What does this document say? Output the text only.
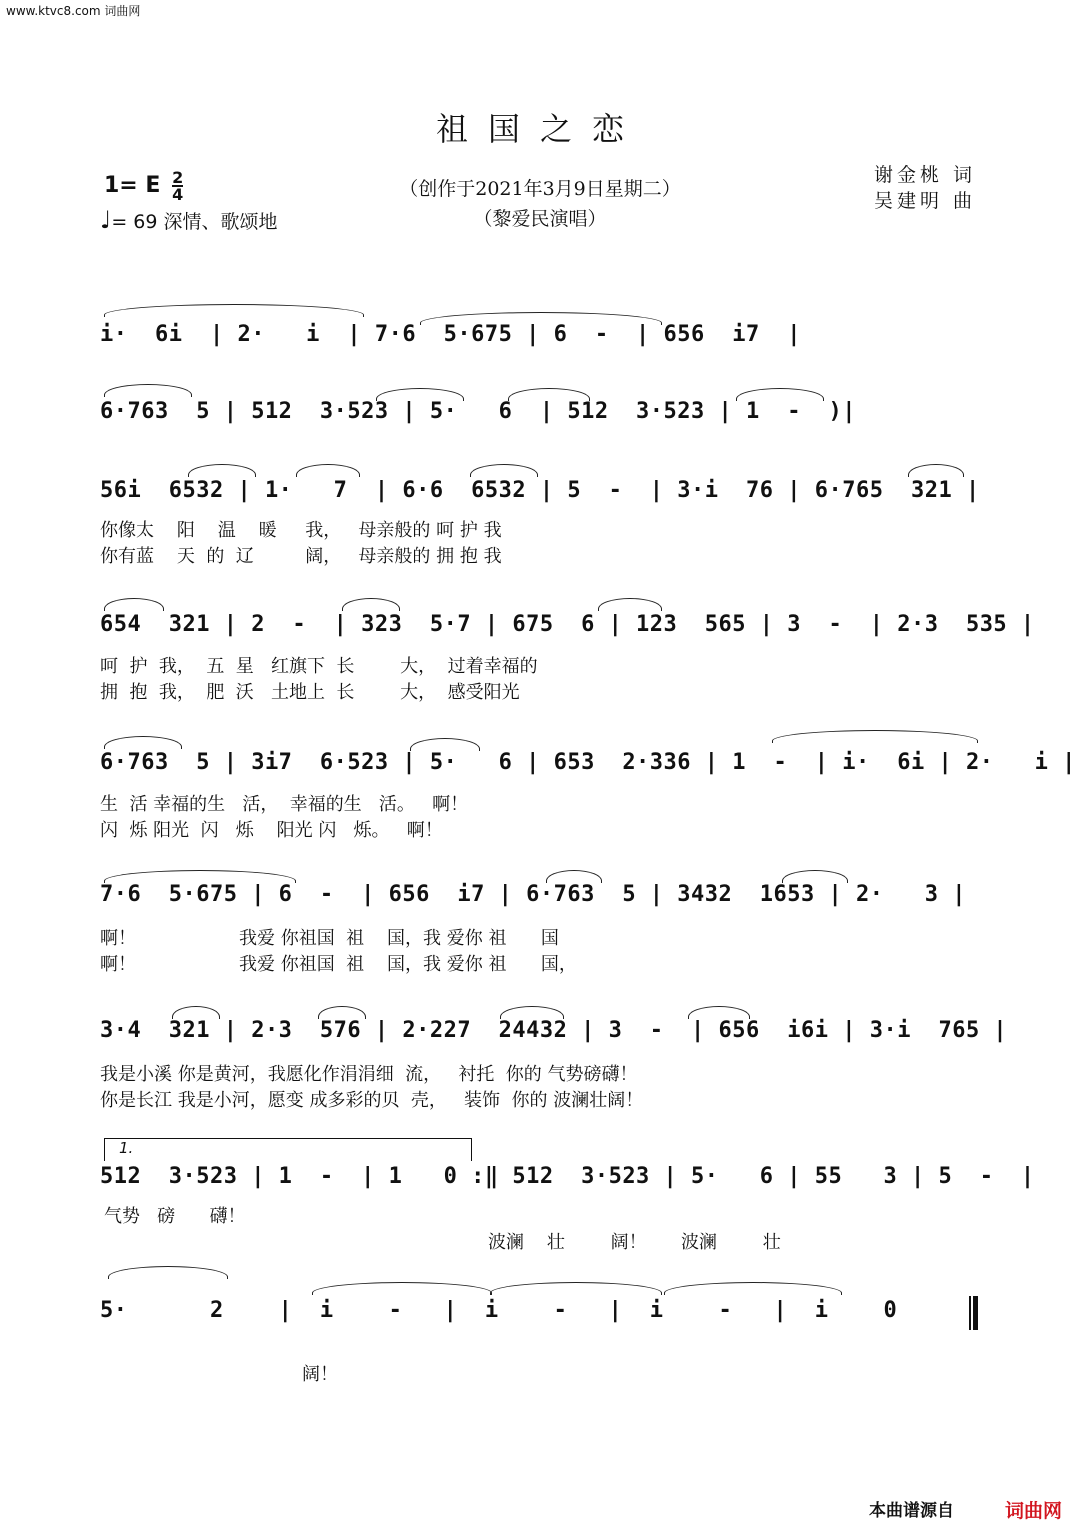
www.ktvc8.com 词曲网
祖国之恋
1= E $\frac{2}{4}$
♩= 69 深情、歌颂地
（创作于2021年3月9日星期二）
（黎爱民演唱）
谢金桃 词
吴建明 曲
i·  6i  | 2·   i  | 7·6  5·675 | 6  -  | 656  i7  |
6·763  5 | 512  3·523 | 5·   6  | 512  3·523 | 1  -  )|
56i  6532 | 1·   7  | 6·6  6532 | 5  -  | 3·i  76 | 6·765  321 |
你像太    阳    温    暖     我，   母亲般的 呵 护 我
你有蓝    天  的  辽         阔，   母亲般的 拥 抱 我
654  321 | 2  -  | 323  5·7 | 675  6 | 123  565 | 3  -  | 2·3  535 |
呵  护  我，  五  星   红旗下  长        大，  过着幸福的
拥  抱  我，  肥  沃   土地上  长        大，  感受阳光
6·763  5 | 3i7  6·523 | 5·   6 | 653  2·336 | 1  -  | i·  6i | 2·   i |
生  活 幸福的生   活，  幸福的生   活。   啊！
闪  烁 阳光  闪   烁    阳光 闪   烁。   啊！
7·6  5·675 | 6  -  | 656  i7 | 6·763  5 | 3432  1653 | 2·   3 |
啊！                  我爱 你祖国  祖    国，我 爱你 祖      国
啊！                  我爱 你祖国  祖    国，我 爱你 祖      国，
3·4  321 | 2·3  576 | 2·227  24432 | 3  -  | 656  i6i | 3·i  765 |
我是小溪 你是黄河，我愿化作涓涓细  流，   衬托  你的 气势磅礴！
你是长江 我是小河，愿变 成多彩的贝  壳，   装饰  你的 波澜壮阔！
1.
512  3·523 | 1  -  | 1   0 :‖ 512  3·523 | 5·   6 | 55   3 | 5  -  |
气势   磅      礴！
波澜    壮        阔！      波澜        壮
5·      2    |  i    -   |  i    -   |  i    -   |  i    0
阔！
本曲谱源自	词曲网
